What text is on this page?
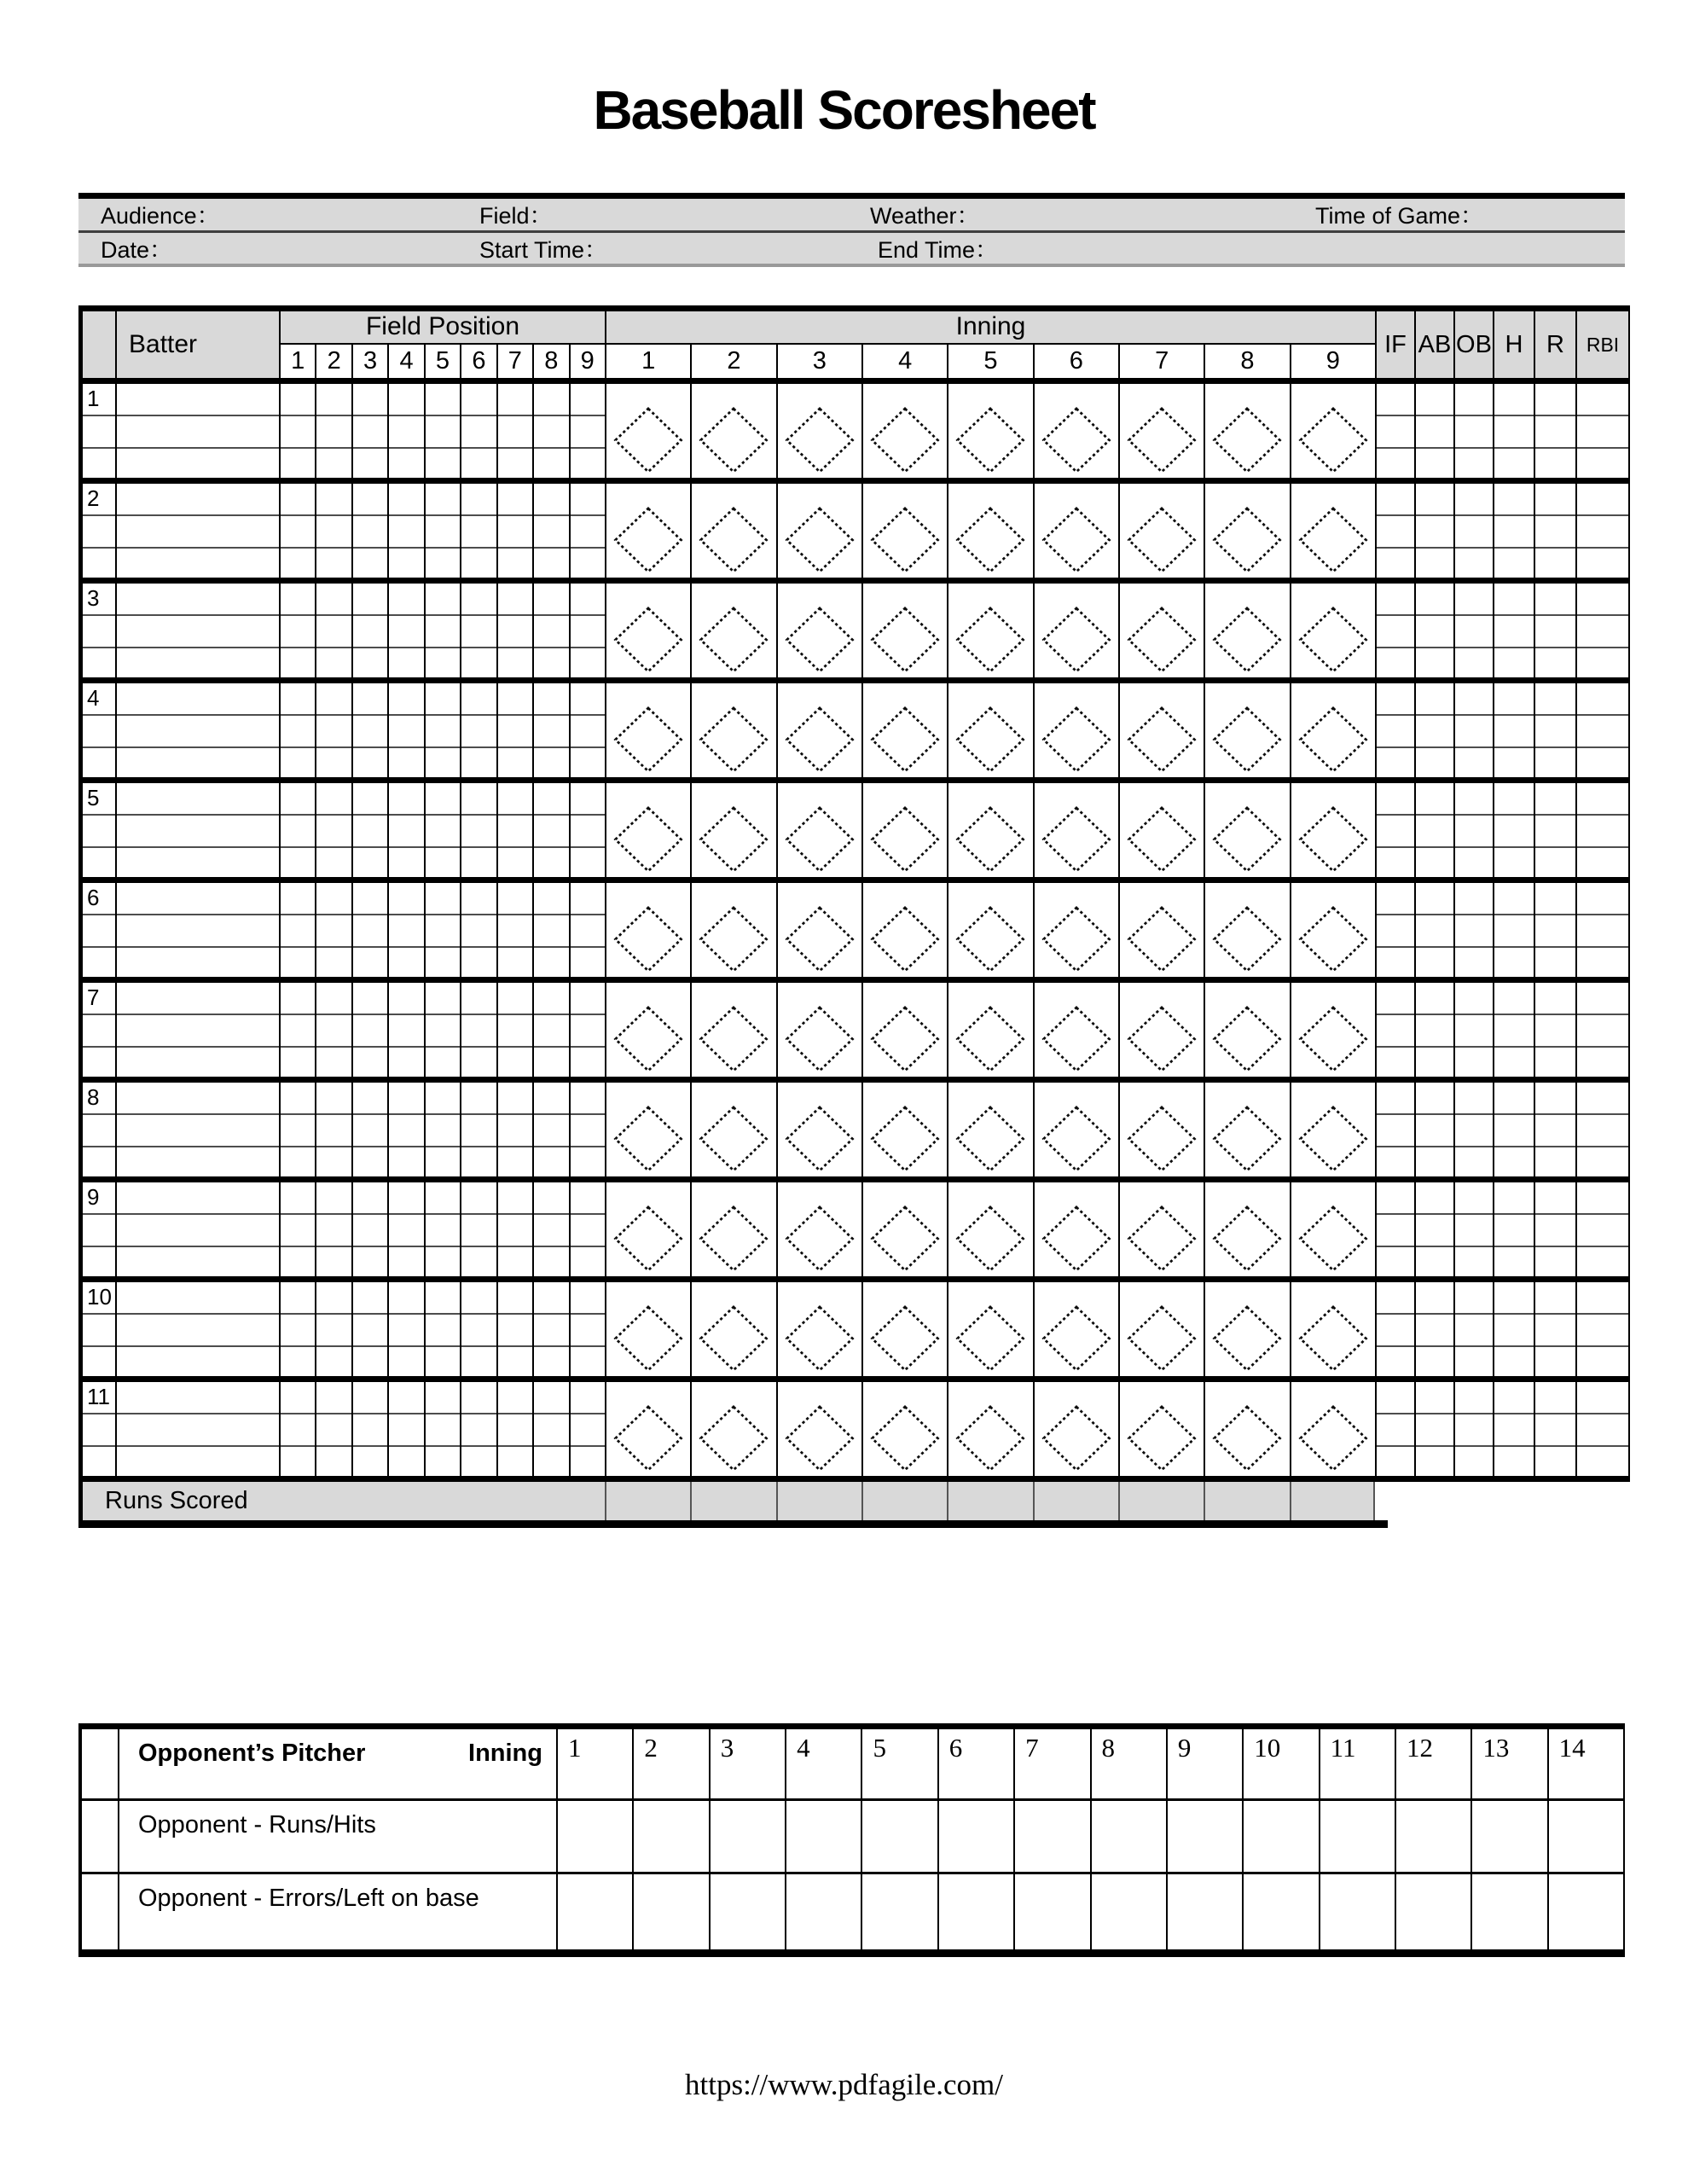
Baseball Scoresheet
Audience：	Field：	Weather：	Time of Game：
Date：	Start Time：	End Time：
Batter
Field Position
1 2 3 4 5 6 7 8 9
Inning
1	2	3	4	5	6	7	8	9
IF AB OB H R	RBI
1
2
3
4
5
6
7
8
9
10
11
Runs Scored
Opponent’s Pitcher	Inning 1	2	3	4	5	6	7	8	9	10	11	12	13	14
Opponent - Runs/Hits
Opponent - Errors/Left on base
https://www.pdfagile.com/
